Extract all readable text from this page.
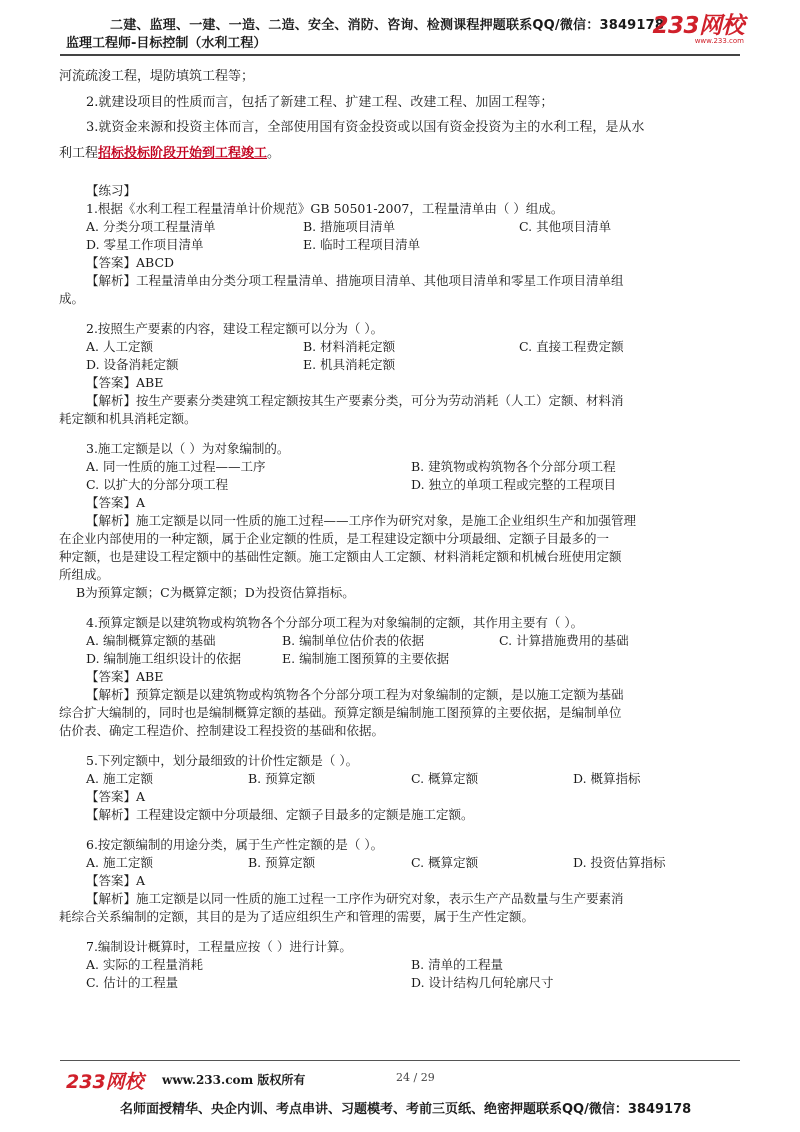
二建、监理、一建、一造、二造、安全、消防、咨询、检测课程押题联系QQ/微信：3849178
监理工程师-目标控制（水利工程）
233网校
www.233.com
河流疏浚工程，堤防填筑工程等；
2.就建设项目的性质而言，包括了新建工程、扩建工程、改建工程、加固工程等；
3.就资金来源和投资主体而言，全部使用国有资金投资或以国有资金投资为主的水利工程，是从水
利工程招标投标阶段开始到工程竣工。
【练习】
1.根据《水利工程工程量清单计价规范》GB 50501-2007，工程量清单由（ ）组成。
A. 分类分项工程量清单	B. 措施项目清单	C. 其他项目清单
D. 零星工作项目清单	E. 临时工程项目清单
【答案】ABCD
【解析】工程量清单由分类分项工程量清单、措施项目清单、其他项目清单和零星工作项目清单组
成。
2.按照生产要素的内容，建设工程定额可以分为（ ）。
A. 人工定额	B. 材料消耗定额	C. 直接工程费定额
D. 设备消耗定额	E. 机具消耗定额
【答案】ABE
【解析】按生产要素分类建筑工程定额按其生产要素分类，可分为劳动消耗（人工）定额、材料消
耗定额和机具消耗定额。
3.施工定额是以（ ）为对象编制的。
A. 同一性质的施工过程——工序	B. 建筑物或构筑物各个分部分项工程
C. 以扩大的分部分项工程	D. 独立的单项工程或完整的工程项目
【答案】A
【解析】施工定额是以同一性质的施工过程——工序作为研究对象，是施工企业组织生产和加强管理
在企业内部使用的一种定额，属于企业定额的性质，是工程建设定额中分项最细、定额子目最多的一
种定额，也是建设工程定额中的基础性定额。施工定额由人工定额、材料消耗定额和机械台班使用定额
所组成。
B为预算定额；C为概算定额；D为投资估算指标。
4.预算定额是以建筑物或构筑物各个分部分项工程为对象编制的定额，其作用主要有（ ）。
A. 编制概算定额的基础	B. 编制单位估价表的依据	C. 计算措施费用的基础
D. 编制施工组织设计的依据	E. 编制施工图预算的主要依据
【答案】ABE
【解析】预算定额是以建筑物或构筑物各个分部分项工程为对象编制的定额，是以施工定额为基础
综合扩大编制的，同时也是编制概算定额的基础。预算定额是编制施工图预算的主要依据，是编制单位
估价表、确定工程造价、控制建设工程投资的基础和依据。
5.下列定额中，划分最细致的计价性定额是（ ）。
A. 施工定额	B. 预算定额	C. 概算定额	D. 概算指标
【答案】A
【解析】工程建设定额中分项最细、定额子目最多的定额是施工定额。
6.按定额编制的用途分类，属于生产性定额的是（ ）。
A. 施工定额	B. 预算定额	C. 概算定额	D. 投资估算指标
【答案】A
【解析】施工定额是以同一性质的施工过程一工序作为研究对象，表示生产产品数量与生产要素消
耗综合关系编制的定额，其目的是为了适应组织生产和管理的需要，属于生产性定额。
7.编制设计概算时，工程量应按（ ）进行计算。
A. 实际的工程量消耗	B. 清单的工程量
C. 估计的工程量	D. 设计结构几何轮廓尺寸
233网校 www.233.com 版权所有	24 / 29
名师面授精华、央企内训、考点串讲、习题模考、考前三页纸、绝密押题联系QQ/微信：3849178
